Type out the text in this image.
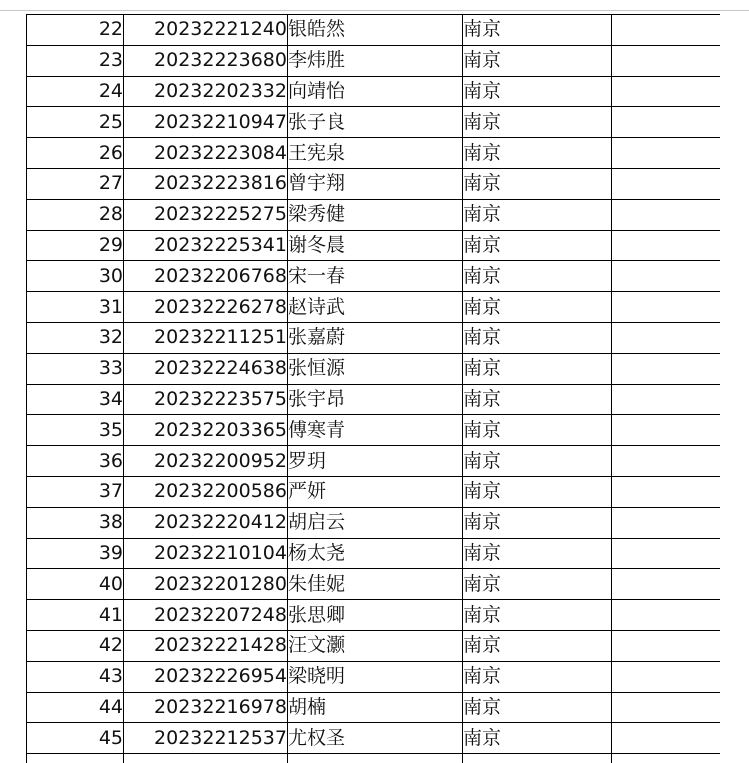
22	20232221240	银皓然	南京	
23	20232223680	李炜胜	南京	
24	20232202332	向靖怡	南京	
25	20232210947	张子良	南京	
26	20232223084	王宪泉	南京	
27	20232223816	曾宇翔	南京	
28	20232225275	梁秀健	南京	
29	20232225341	谢冬晨	南京	
30	20232206768	宋一春	南京	
31	20232226278	赵诗武	南京	
32	20232211251	张嘉蔚	南京	
33	20232224638	张恒源	南京	
34	20232223575	张宇昂	南京	
35	20232203365	傅寒青	南京	
36	20232200952	罗玥	南京	
37	20232200586	严妍	南京	
38	20232220412	胡启云	南京	
39	20232210104	杨太尧	南京	
40	20232201280	朱佳妮	南京	
41	20232207248	张思卿	南京	
42	20232221428	汪文灏	南京	
43	20232226954	梁晓明	南京	
44	20232216978	胡楠	南京	
45	20232212537	尤权圣	南京	
